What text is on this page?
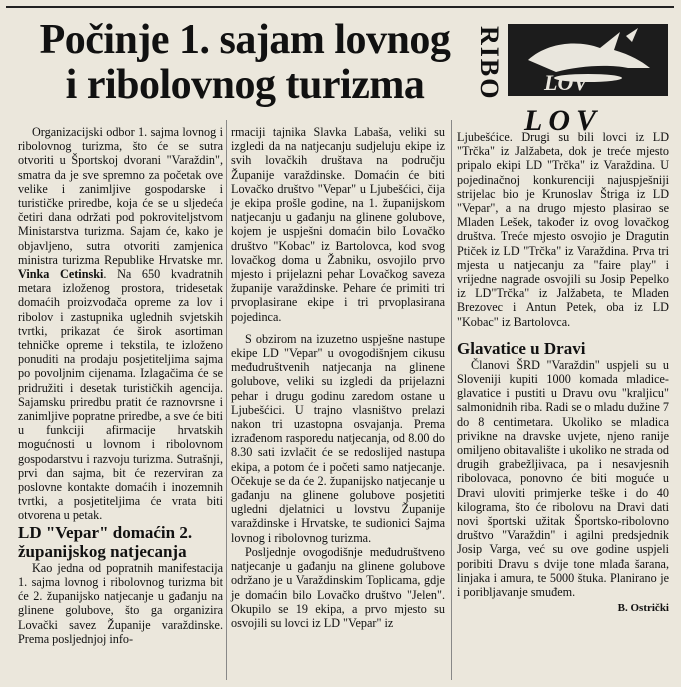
Počinje 1. sajam lovnog
i ribolovnog turizma	RIBO LOV
LOV

Organizacijski odbor 1. sajma lovnog i ribolovnog turizma, što će se sutra otvoriti u Športskoj dvorani "Varaždin", smatra da je sve spremno za početak ove velike i zanimljive gospodarske i turističke priredbe, koja će se u sljedeća četiri dana održati pod pokroviteljstvom Ministarstva turizma. Sajam će, kako je objavljeno, sutra otvoriti zamjenica ministra turizma Republike Hrvatske mr. Vinka Cetinski. Na 650 kvadratnih metara izloženog prostora, tridesetak domaćih proizvođača opreme za lov i ribolov i zastupnika uglednih svjetskih tvrtki, prikazat će širok asortiman tehničke opreme i tekstila, te izloženo ponuditi na prodaju posjetiteljima sajma po povoljnim cijenama. Izlagačima će se pridružiti i desetak turističkih agencija. Sajamsku priredbu pratit će raznovrsne i zanimljive popratne priredbe, a sve će biti u funkciji afirmacije hrvatskih mogućnosti u lovnom i ribolovnom gospodarstvu i razvoju turizma. Sutrašnji, prvi dan sajma, bit će rezerviran za poslovne kontakte domaćih i inozemnih tvrtki, a posjetiteljima će vrata biti otvorena u petak.

LD "Vepar" domaćin 2. županijskog natjecanja

Kao jedna od popratnih manifestacija 1. sajma lovnog i ribolovnog turizma bit će 2. županijsko natjecanje u gađanju na glinene golubove, što ga organizira Lovački savez Županije varaždinske. Prema posljednjoj info-

rmaciji tajnika Slavka Labaša, veliki su izgledi da na natjecanju sudjeluju ekipe iz svih lovačkih društava na području Županije varaždinske. Domaćin će biti Lovačko društvo "Vepar" u Ljubešćici, čija je ekipa prošle godine, na 1. županijskom natjecanju u gađanju na glinene golubove, kojem je uspješni domaćin bilo Lovačko društvo "Kobac" iz Bartolovca, kod svog lovačkog doma u Žabniku, osvojilo prvo mjesto i prijelazni pehar Lovačkog saveza županije varaždinske. Pehare će primiti tri prvoplasirane ekipe i tri prvoplasirana pojedinca.

S obzirom na izuzetno uspješne nastupe ekipe LD "Vepar" u ovogodišnjem cikusu međudruštvenih natjecanja na glinene golubove, veliki su izgledi da prijelazni pehar i drugu godinu zaredom ostane u Ljubešćici. U trajno vlasništvo prelazi nakon tri uzastopna osvajanja. Prema izrađenom rasporedu natjecanja, od 8.00 do 8.30 sati izvlačit će se redoslijed nastupa ekipa, a potom će i početi samo natjecanje. Očekuje se da će 2. županijsko natjecanje u gađanju na glinene golubove posjetiti ugledni djelatnici u lovstvu Županije varaždinske i Hrvatske, te sudionici Sajma lovnog i ribolovnog turizma.

Posljednje ovogodišnje međudruštveno natjecanje u gađanju na glinene golubove održano je u Varaždinskim Toplicama, gdje je domaćin bilo Lovačko društvo "Jelen". Okupilo se 19 ekipa, a prvo mjesto su osvojili su lovci iz LD "Vepar" iz

Ljubešćice. Drugi su bili lovci iz LD "Trčka" iz Jalžabeta, dok je treće mjesto pripalo ekipi LD "Trčka" iz Varaždina. U pojedinačnoj konkurenciji najuspješniji strijelac bio je Krunoslav Štriga iz LD "Vepar", a na drugo mjesto plasirao se Mladen Lešek, također iz ovog lovačkog društva. Treće mjesto osvojio je Dragutin Ptiček iz LD "Trčka" iz Varaždina. Prva tri mjesta u natjecanju za "faire play" i vrijedne nagrade osvojili su Josip Pepelko iz LD"Trčka" iz Jalžabeta, te Mladen Brezovec i Antun Petek, oba iz LD "Kobac" iz Bartolovca.

Glavatice u Dravi

Članovi ŠRD "Varaždin" uspjeli su u Sloveniji kupiti 1000 komada mladice-glavatice i pustiti u Dravu ovu "kraljicu" salmonidnih riba. Radi se o mladu dužine 7 do 8 centimetara. Ukoliko se mladica privikne na dravske uvjete, njeno ranije omiljeno obitavalište i ukoliko ne strada od drugih grabežljivaca, pa i nesavjesnih ribolovaca, ponovno će biti moguće u Dravi uloviti primjerke teške i do 40 kilograma, što će ribolovu na Dravi dati novi športski užitak Športsko-ribolovno društvo "Varaždin" i agilni predsjednik Josip Varga, već su ove godine uspjeli poribiti Dravu s dvije tone mlađa šarana, linjaka i amura, te 5000 štuka. Planirano je i poribljavanje smuđem.

B. Ostrički
